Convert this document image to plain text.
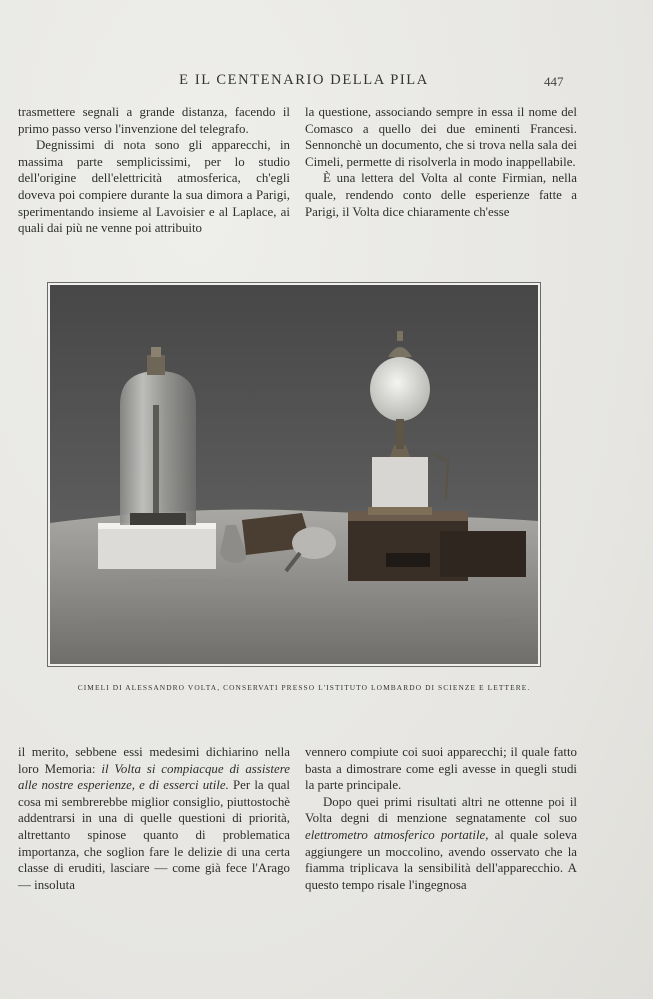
E IL CENTENARIO DELLA PILA	447

trasmettere segnali a grande distanza, facendo il primo passo verso l'invenzione del telegrafo.

Degnissimi di nota sono gli apparecchi, in massima parte semplicissimi, per lo studio dell'origine dell'elettricità atmosferica, ch'egli doveva poi compiere durante la sua dimora a Parigi, sperimentando insieme al Lavoisier e al Laplace, ai quali dai più ne venne poi attribuito

la questione, associando sempre in essa il nome del Comasco a quello dei due eminenti Francesi. Sennonchè un documento, che si trova nella sala dei Cimeli, permette di risolverla in modo inappellabile.

È una lettera del Volta al conte Firmian, nella quale, rendendo conto delle esperienze fatte a Parigi, il Volta dice chiaramente ch'esse

CIMELI DI ALESSANDRO VOLTA, CONSERVATI PRESSO L'ISTITUTO LOMBARDO DI SCIENZE E LETTERE.

il merito, sebbene essi medesimi dichiarino nella loro Memoria: il Volta si compiacque di assistere alle nostre esperienze, e di esserci utile. Per la qual cosa mi sembrerebbe miglior consiglio, piuttostochè addentrarsi in una di quelle questioni di priorità, altrettanto spinose quanto di problematica importanza, che soglion fare le delizie di una certa classe di eruditi, lasciare — come già fece l'Arago — insoluta

vennero compiute coi suoi apparecchi; il quale fatto basta a dimostrare come egli avesse in quegli studi la parte principale.

Dopo quei primi risultati altri ne ottenne poi il Volta degni di menzione segnatamente col suo elettrometro atmosferico portatile, al quale soleva aggiungere un moccolino, avendo osservato che la fiamma triplicava la sensibilità dell'apparecchio. A questo tempo risale l'ingegnosa
